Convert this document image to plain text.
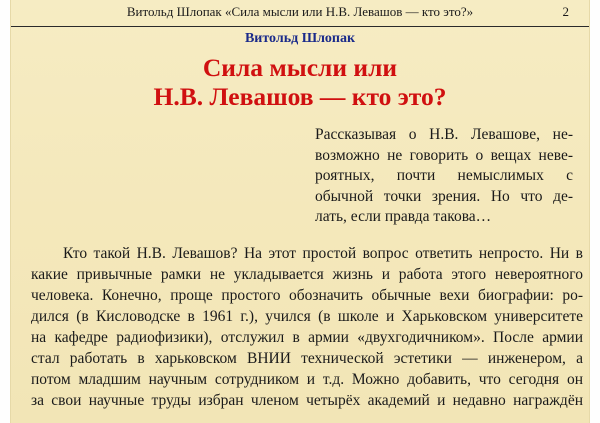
Витольд Шлопак «Сила мысли или Н.В. Левашов — кто это?»	2
Витольд Шлопак
Сила мысли или
Н.В. Левашов — кто это?
Рассказывая о Н.В. Левашове, не-
возможно не говорить о вещах неве-
роятных, почти немыслимых с
обычной точки зрения. Но что де-
лать, если правда такова…
Кто такой Н.В. Левашов? На этот простой вопрос ответить непросто. Ни в
какие привычные рамки не укладывается жизнь и работа этого невероятного
человека. Конечно, проще простого обозначить обычные вехи биографии: ро-
дился (в Кисловодске в 1961 г.), учился (в школе и Харьковском университете
на кафедре радиофизики), отслужил в армии «двухгодичником». После армии
стал работать в харьковском ВНИИ технической эстетики — инженером, а
потом младшим научным сотрудником и т.д. Можно добавить, что сегодня он
за свои научные труды избран членом четырёх академий и недавно награждён
